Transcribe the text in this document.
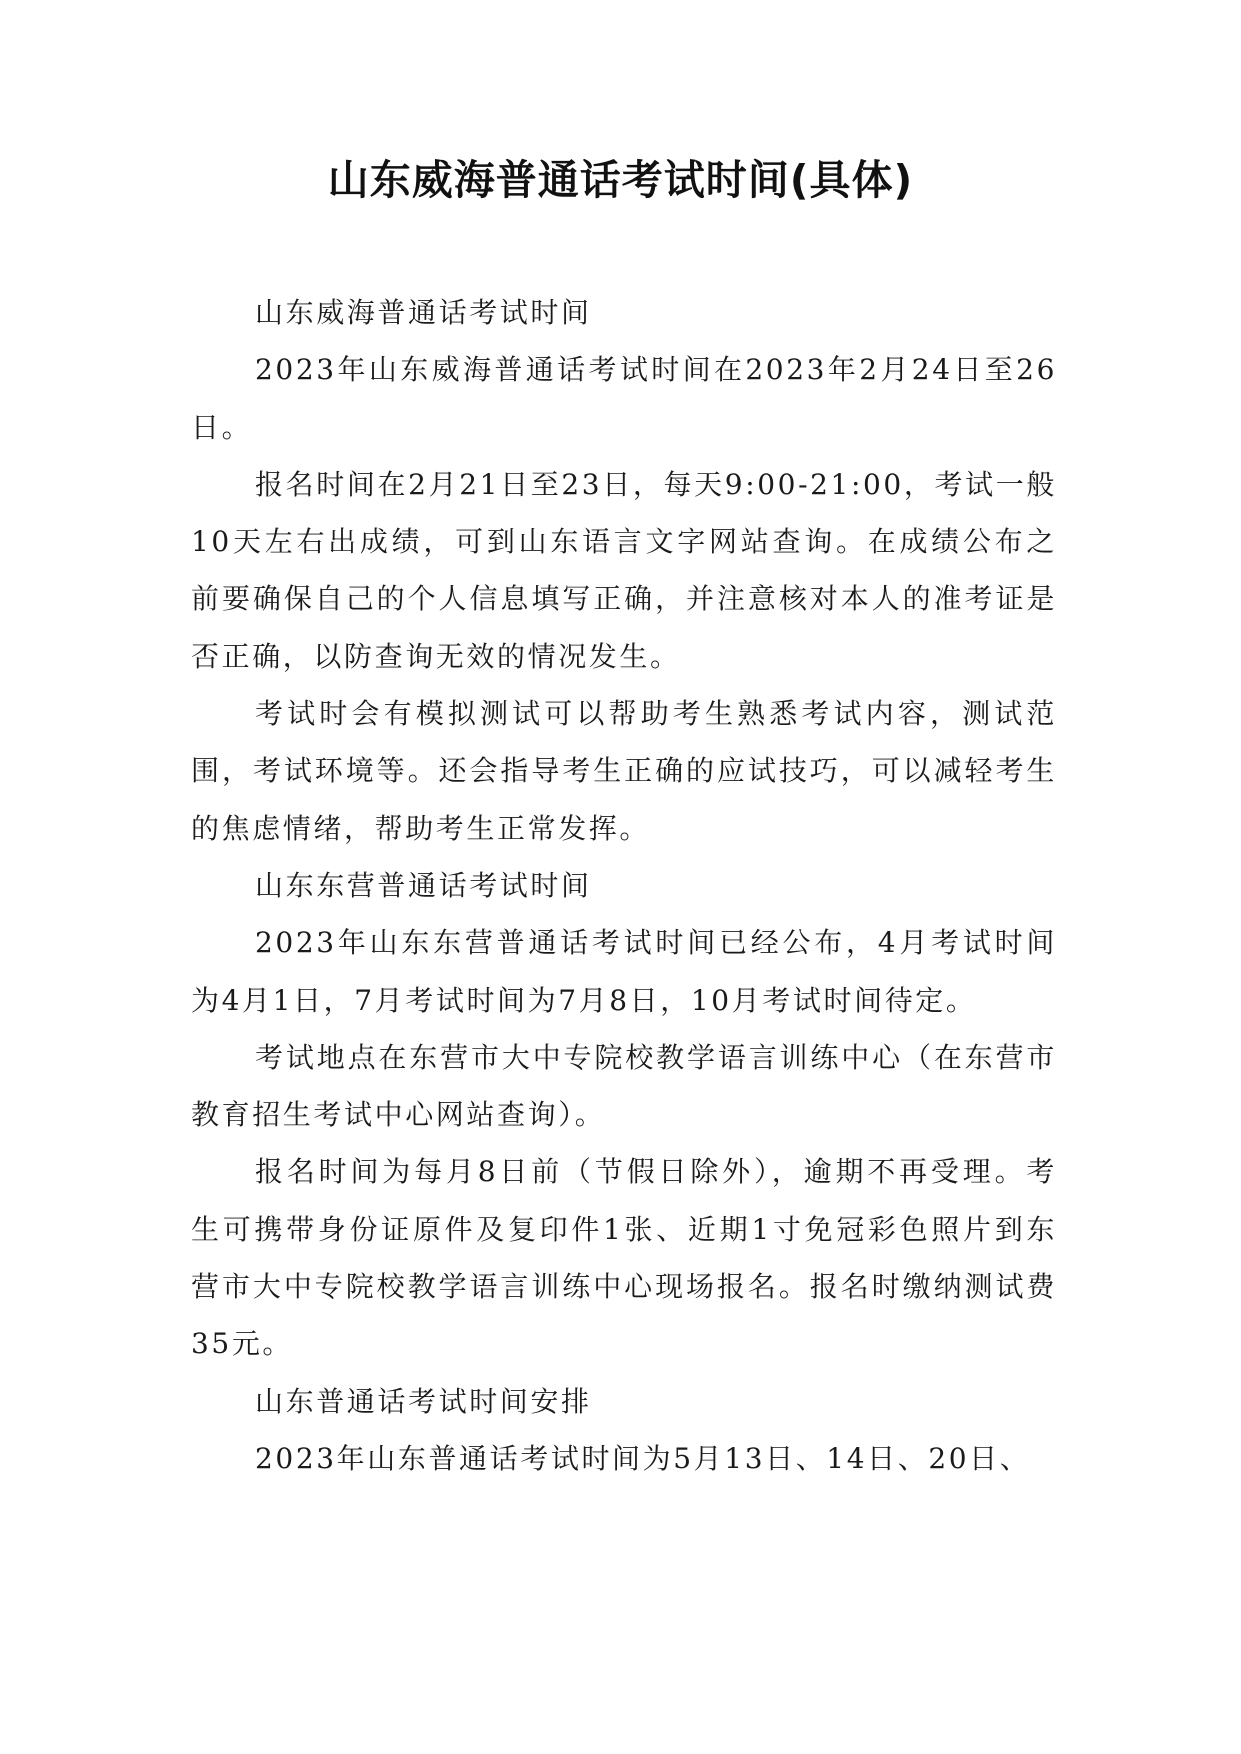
山东威海普通话考试时间(具体)

山东威海普通话考试时间

2023年山东威海普通话考试时间在2023年2月24日至26日。

报名时间在2月21日至23日，每天9:00-21:00，考试一般10天左右出成绩，可到山东语言文字网站查询。在成绩公布之前要确保自己的个人信息填写正确，并注意核对本人的准考证是否正确，以防查询无效的情况发生。

考试时会有模拟测试可以帮助考生熟悉考试内容，测试范围，考试环境等。还会指导考生正确的应试技巧，可以减轻考生的焦虑情绪，帮助考生正常发挥。

山东东营普通话考试时间

2023年山东东营普通话考试时间已经公布，4月考试时间为4月1日，7月考试时间为7月8日，10月考试时间待定。

考试地点在东营市大中专院校教学语言训练中心（在东营市教育招生考试中心网站查询）。

报名时间为每月8日前（节假日除外），逾期不再受理。考生可携带身份证原件及复印件1张、近期1寸免冠彩色照片到东营市大中专院校教学语言训练中心现场报名。报名时缴纳测试费35元。

山东普通话考试时间安排

2023年山东普通话考试时间为5月13日、14日、20日、
